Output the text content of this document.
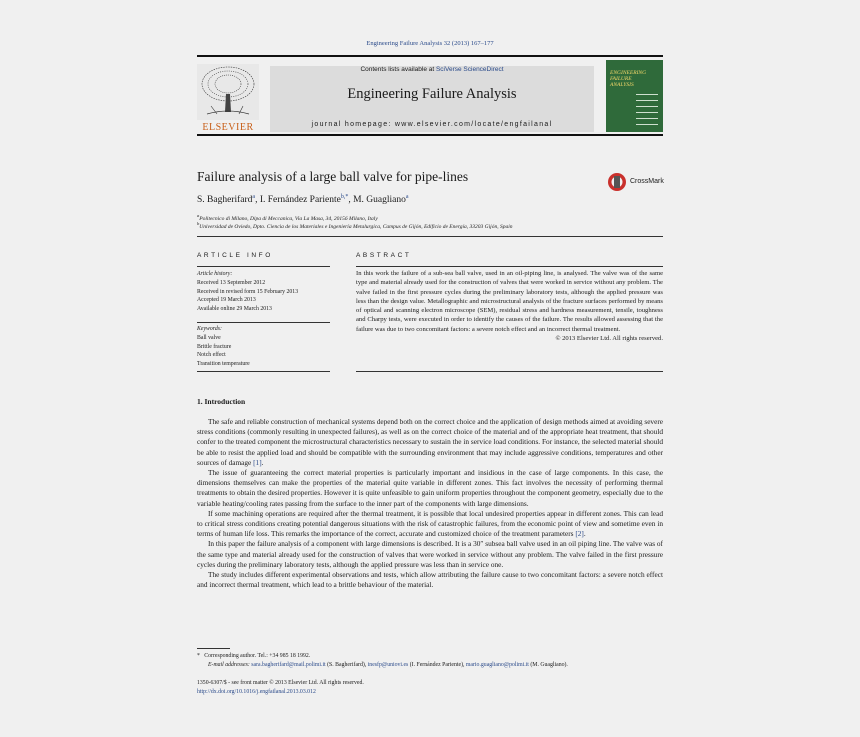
Engineering Failure Analysis 32 (2013) 167–177
ELSEVIER
Contents lists available at SciVerse ScienceDirect
Engineering Failure Analysis
journal homepage: www.elsevier.com/locate/engfailanal
ENGINEERING FAILURE ANALYSIS
Failure analysis of a large ball valve for pipe-lines	CrossMark
S. Bagherifard$^a$, I. Fernández Pariente$^{b,*}$, M. Guagliano$^a$
$^a$Politecnico di Milano, Dipa di Meccanica, Via La Masa, 34, 20156 Milano, Italy
$^b$Universidad de Oviedo, Dpto. Ciencia de los Materiales e Ingeniería Metalurgica, Campus de Gijón, Edificio de Energía, 33203 Gijón, Spain
ARTICLE INFO	ABSTRACT
Article history:
Received 13 September 2012
Received in revised form 15 February 2013
Accepted 19 March 2013
Available online 29 March 2013
Keywords:
Ball valve
Brittle fracture
Notch effect
Transition temperature
In this work the failure of a sub-sea ball valve, used in an oil-piping line, is analysed. The valve was of the same type and material already used for the construction of valves that were worked in service without any problem. The valve failed in the first pressure cycles during the preliminary laboratory tests, although the applied pressure was less than the design value. Metallographic and microstructural analysis of the fracture surfaces performed by means of optical and scanning electron microscope (SEM), residual stress and hardness measurement, tensile, toughness and Charpy tests, were executed in order to identify the causes of the failure. The results allowed assessing that the failure was due to two concomitant factors: a severe notch effect and an incorrect thermal treatment.
© 2013 Elsevier Ltd. All rights reserved.
1. Introduction

The safe and reliable construction of mechanical systems depend both on the correct choice and the application of design methods aimed at avoiding severe stress conditions (commonly resulting in unexpected failures), as well as on the correct choice of the material and of the appropriate heat treatment, that should confer to the treated component the microstructural characteristics necessary to sustain the in service load conditions. For instance, the selected material should be able to resist the applied load and should be compatible with the surrounding environment that may include aggressive conditions, temperatures and other sources of damage [1].

The issue of guaranteeing the correct material properties is particularly important and insidious in the case of large components. In this case, the dimensions themselves can make the properties of the material quite variable in different zones. This fact involves the necessity of performing thermal treatments to obtain the desired properties. However it is quite unfeasible to gain uniform properties throughout the component geometry, especially due to the variable heating/cooling rates passing from the surface to the inner part of the components with large dimensions.

If some machining operations are required after the thermal treatment, it is possible that local undesired properties appear in different zones. This can lead to critical stress conditions creating potential dangerous situations with the risk of catastrophic failures, from the economic point of view and sometime even in terms of human life loss. This remarks the importance of the correct, accurate and customized choice of the treatment parameters [2].

In this paper the failure analysis of a component with large dimensions is described. It is a 30″ subsea ball valve used in an oil piping line. The valve was of the same type and material already used for the construction of valves that were worked in service without any problem. The valve failed in the first pressure cycles during the preliminary laboratory tests, although the applied pressure was less than in service one.

The study includes different experimental observations and tests, which allow attributing the failure cause to two concomitant factors: a severe notch effect and incorrect thermal treatment, which lead to a brittle behaviour of the material.

* Corresponding author. Tel.: +34 985 18 1992.
E-mail addresses: sara.bagherifard@mail.polimi.it (S. Bagherifard), inesfp@uniovi.es (I. Fernández Pariente), mario.guagliano@polimi.it (M. Guagliano).
1350-6307/$ - see front matter © 2013 Elsevier Ltd. All rights reserved.
http://dx.doi.org/10.1016/j.engfailanal.2013.03.012
